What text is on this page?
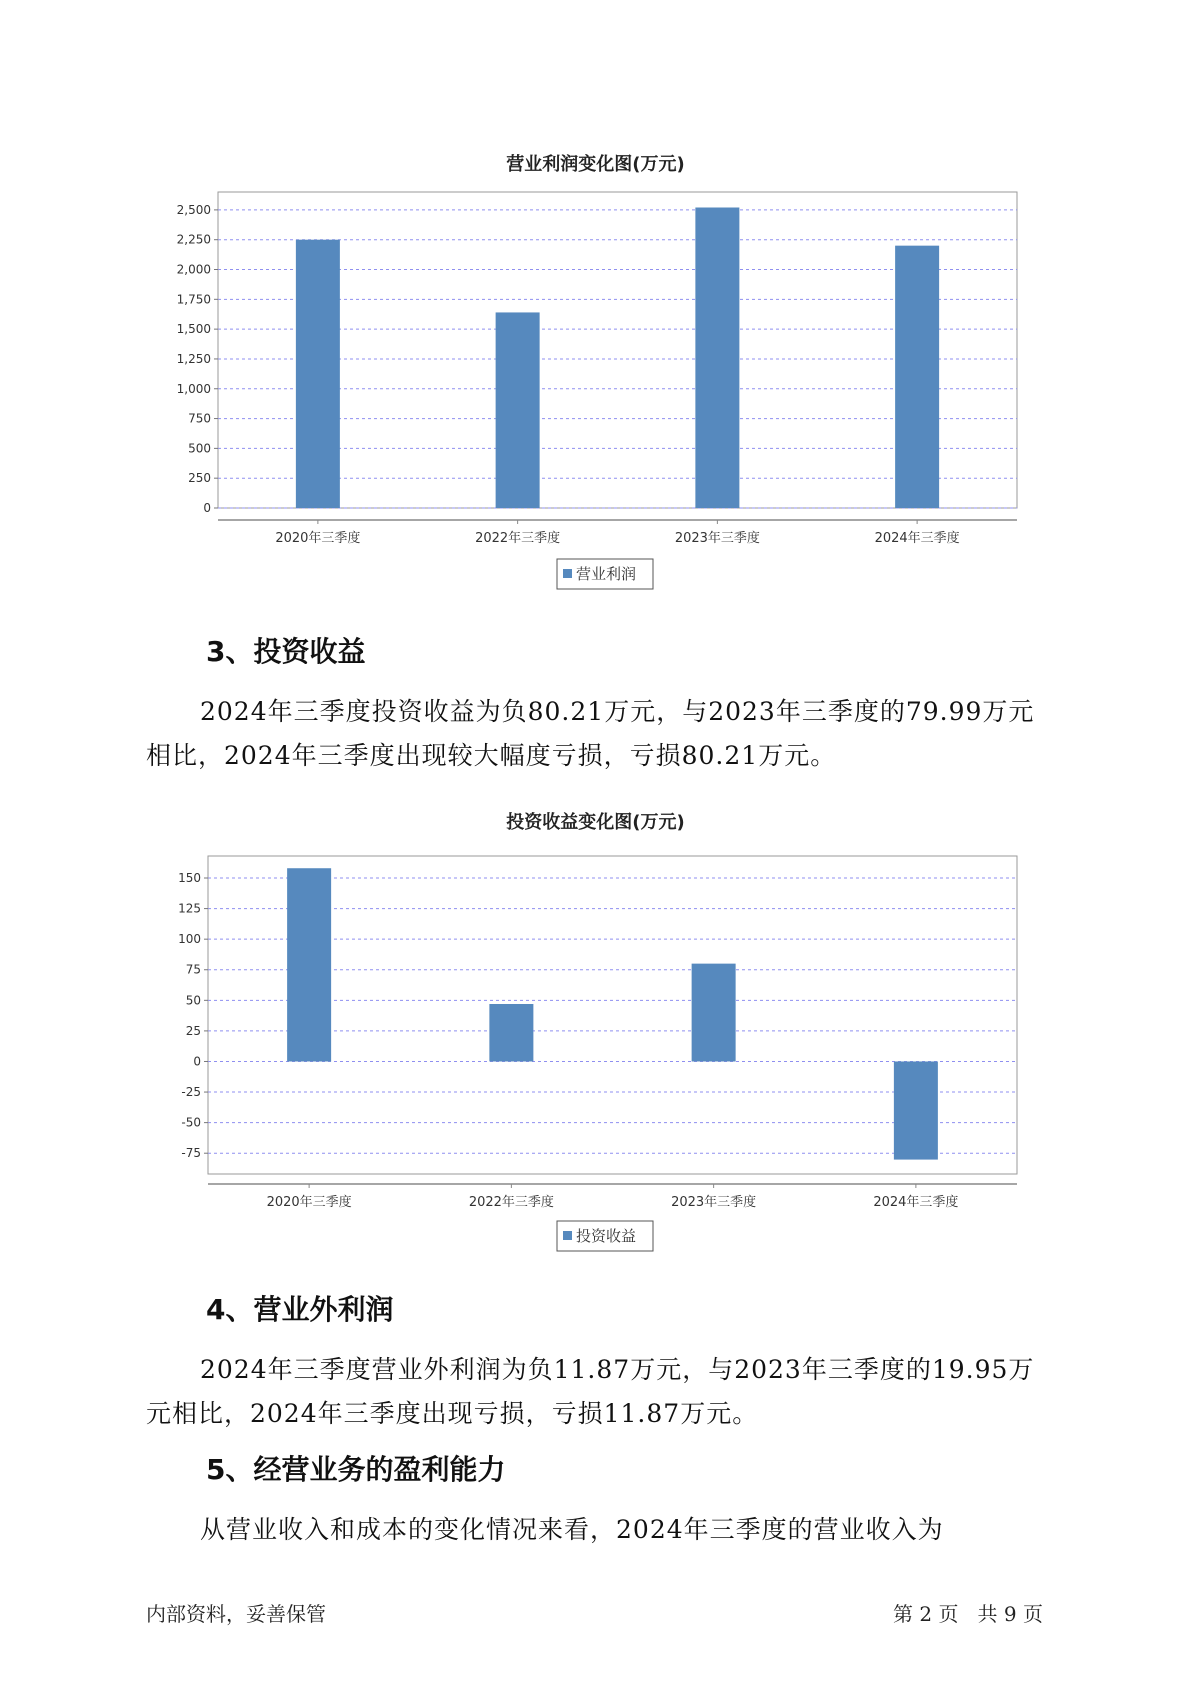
营业利润变化图(万元)
0
250
500
750
1,000
1,250
1,500
1,750
2,000
2,250
2,500
2020年三季度	2022年三季度	2023年三季度	2024年三季度
营业利润
3、投资收益
2024年三季度投资收益为负80.21万元，与2023年三季度的79.99万元
相比，2024年三季度出现较大幅度亏损，亏损80.21万元。
投资收益变化图(万元)
-75
-50
-25
0
25
50
75
100
125
150
2020年三季度	2022年三季度	2023年三季度	2024年三季度
投资收益
4、营业外利润
2024年三季度营业外利润为负11.87万元，与2023年三季度的19.95万
元相比，2024年三季度出现亏损，亏损11.87万元。
5、经营业务的盈利能力
从营业收入和成本的变化情况来看，2024年三季度的营业收入为
内部资料，妥善保管	第 2 页   共 9 页
